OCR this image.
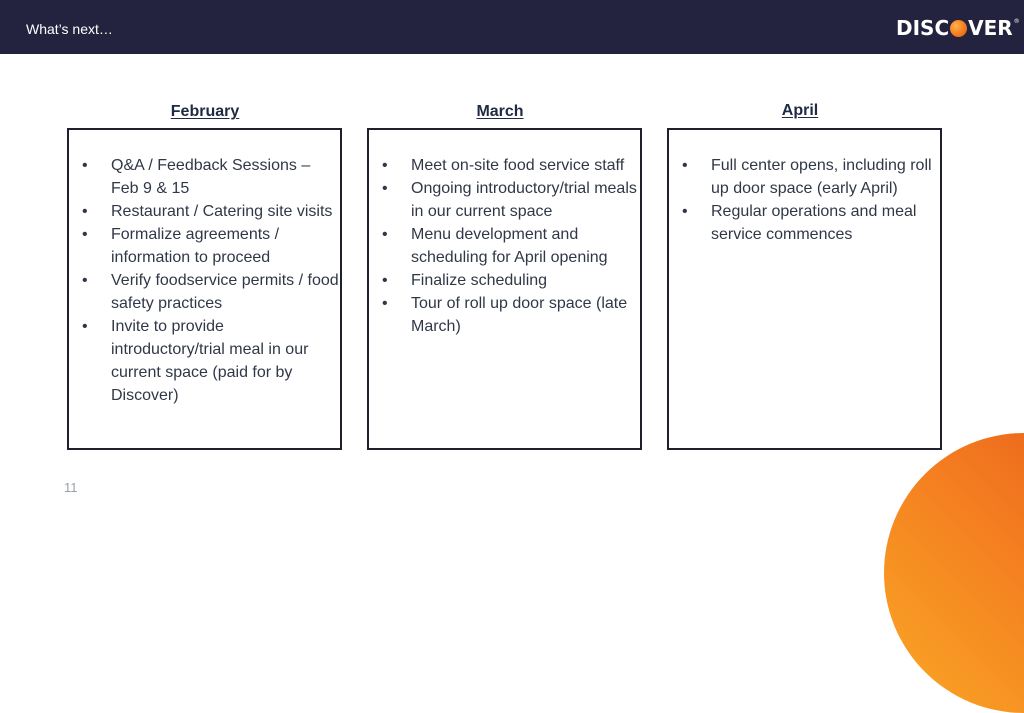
What’s next…	DISC VER ®
February
• Q&A / Feedback Sessions – Feb 9 & 15
• Restaurant / Catering site visits
• Formalize agreements / information to proceed
• Verify foodservice permits / food safety practices
• Invite to provide introductory/trial meal in our current space (paid for by Discover)
March
• Meet on-site food service staff
• Ongoing introductory/trial meals in our current space
• Menu development and scheduling for April opening
• Finalize scheduling
• Tour of roll up door space (late March)
April
• Full center opens, including roll up door space (early April)
• Regular operations and meal service commences
11
